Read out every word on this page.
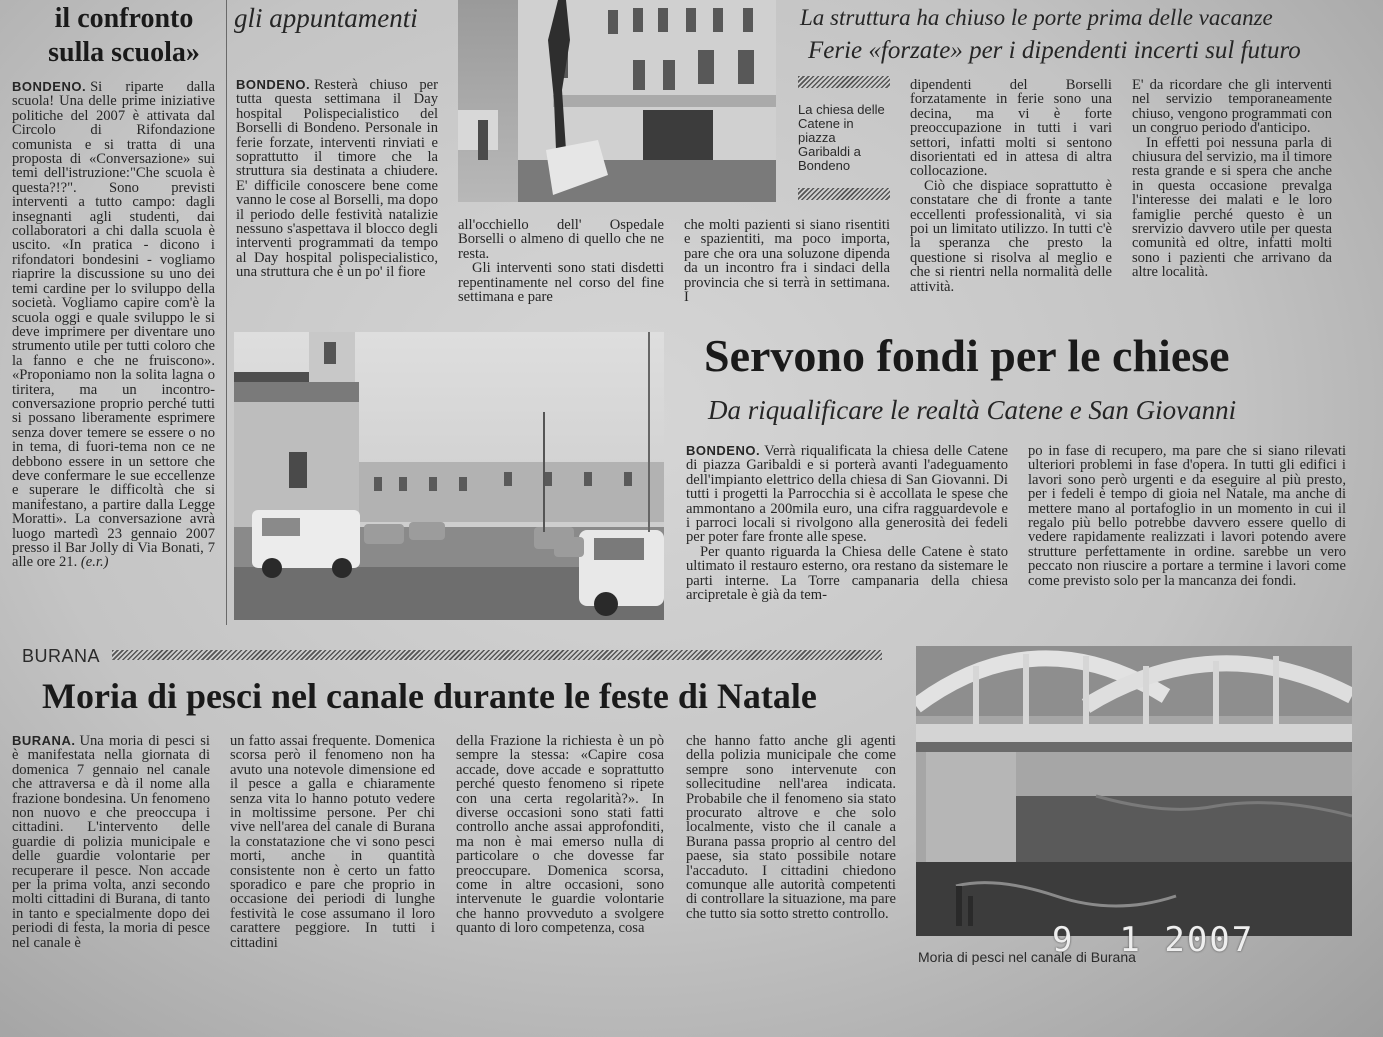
il confronto
sulla scuola»

BONDENO. Si riparte dalla scuola! Una delle prime iniziative politiche del 2007 è attivata dal Circolo di Rifondazione comunista e si tratta di una proposta di «Conversazione» sui temi dell'istruzione:"Che scuola è questa?!?". Sono previsti interventi a tutto campo: dagli insegnanti agli studenti, dai collaboratori a chi dalla scuola è uscito. «In pratica - dicono i rifondatori bondesini - vogliamo riaprire la discussione su uno dei temi cardine per lo sviluppo della società. Vogliamo capire com'è la scuola oggi e quale sviluppo le si deve imprimere per diventare uno strumento utile per tutti coloro che la fanno e che ne fruiscono». «Proponiamo non la solita lagna o tiritera, ma un incontro-conversazione proprio perché tutti si possano liberamente esprimere senza dover temere se essere o no in tema, di fuori-tema non ce ne debbono essere in un settore che deve confermare le sue eccellenze e superare le difficoltà che si manifestano, a partire dalla Legge Moratti». La conversazione avrà luogo martedì 23 gennaio 2007 presso il Bar Jolly di Via Bonati, 7 alle ore 21. (e.r.)

gli appuntamenti

BONDENO. Resterà chiuso per tutta questa settimana il Day hospital Polispecialistico del Borselli di Bondeno. Personale in ferie forzate, interventi rinviati e soprattutto il timore che la struttura sia destinata a chiudere. E' difficile conoscere bene come vanno le cose al Borselli, ma dopo il periodo delle festività natalizie nessuno s'aspettava il blocco degli interventi programmati da tempo al Day hospital polispecialistico, una struttura che è un po' il fiore

all'occhiello dell' Ospedale Borselli o almeno di quello che ne resta.

Gli interventi sono stati disdetti repentinamente nel corso del fine settimana e pare

che molti pazienti si siano risentiti e spazientiti, ma poco importa, pare che ora una soluzone dipenda da un incontro fra i sindaci della provincia che si terrà in settimana. I

La struttura ha chiuso le porte prima delle vacanze
Ferie «forzate» per i dipendenti incerti sul futuro
La chiesa delle Catene in piazza Garibaldi a Bondeno

dipendenti del Borselli forzatamente in ferie sono una decina, ma vi è forte preoccupazione in tutti i vari settori, infatti molti si sentono disorientati ed in attesa di altra collocazione.

Ciò che dispiace soprattutto è constatare che di fronte a tante eccellenti professionalità, vi sia poi un limitato utilizzo. In tutti c'è la speranza che presto la questione si risolva al meglio e che si rientri nella normalità delle attività.

E' da ricordare che gli interventi nel servizio temporaneamente chiuso, vengono programmati con un congruo periodo d'anticipo.

In effetti poi nessuna parla di chiusura del servizio, ma il timore resta grande e si spera che anche in questa occasione prevalga l'interesse dei malati e le loro famiglie perché questo è un srervizio davvero utile per questa comunità ed oltre, infatti molti sono i pazienti che arrivano da altre località.

Servono fondi per le chiese
Da riqualificare le realtà Catene e San Giovanni

BONDENO. Verrà riqualificata la chiesa delle Catene di piazza Garibaldi e si porterà avanti l'adeguamento dell'impianto elettrico della chiesa di San Giovanni. Di tutti i progetti la Parrocchia si è accollata le spese che ammontano a 200mila euro, una cifra ragguardevole e i parroci locali si rivolgono alla generosità dei fedeli per poter fare fronte alle spese.

Per quanto riguarda la Chiesa delle Catene è stato ultimato il restauro esterno, ora restano da sistemare le parti interne. La Torre campanaria della chiesa arcipretale è già da tem-

po in fase di recupero, ma pare che si siano rilevati ulteriori problemi in fase d'opera. In tutti gli edifici i lavori sono però urgenti e da eseguire al più presto, per i fedeli è tempo di gioia nel Natale, ma anche di mettere mano al portafoglio in un momento in cui il regalo più bello potrebbe davvero essere quello di vedere rapidamente realizzati i lavori potendo avere strutture perfettamente in ordine. sarebbe un vero peccato non riuscire a portare a termine i lavori come come previsto solo per la mancanza dei fondi.

BURANA
Moria di pesci nel canale durante le feste di Natale

BURANA. Una moria di pesci si è manifestata nella giornata di domenica 7 gennaio nel canale che attraversa e dà il nome alla frazione bondesina. Un fenomeno non nuovo e che preoccupa i cittadini. L'intervento delle guardie di polizia municipale e delle guardie volontarie per recuperare il pesce. Non accade per la prima volta, anzi secondo molti cittadini di Burana, di tanto in tanto e specialmente dopo dei periodi di festa, la moria di pesce nel canale è

un fatto assai frequente. Domenica scorsa però il fenomeno non ha avuto una notevole dimensione ed il pesce a galla e chiaramente senza vita lo hanno potuto vedere in moltissime persone. Per chi vive nell'area del canale di Burana la constatazione che vi sono pesci morti, anche in quantità consistente non è certo un fatto sporadico e pare che proprio in occasione dei periodi di lunghe festività le cose assumano il loro carattere peggiore. In tutti i cittadini

della Frazione la richiesta è un pò sempre la stessa: «Capire cosa accade, dove accade e soprattutto perché questo fenomeno si ripete con una certa regolarità?». In diverse occasioni sono stati fatti controllo anche assai approfonditi, ma non è mai emerso nulla di particolare o che dovesse far preoccupare. Domenica scorsa, come in altre occasioni, sono intervenute le guardie volontarie che hanno provveduto a svolgere quanto di loro competenza, cosa

che hanno fatto anche gli agenti della polizia municipale che come sempre sono intervenute con sollecitudine nell'area indicata. Probabile che il fenomeno sia stato procurato altrove e che solo localmente, visto che il canale a Burana passa proprio al centro del paese, sia stato possibile notare l'accaduto. I cittadini chiedono comunque alle autorità competenti di controllare la situazione, ma pare che tutto sia sotto stretto controllo.

9  1 2007
Moria di pesci nel canale di Burana
